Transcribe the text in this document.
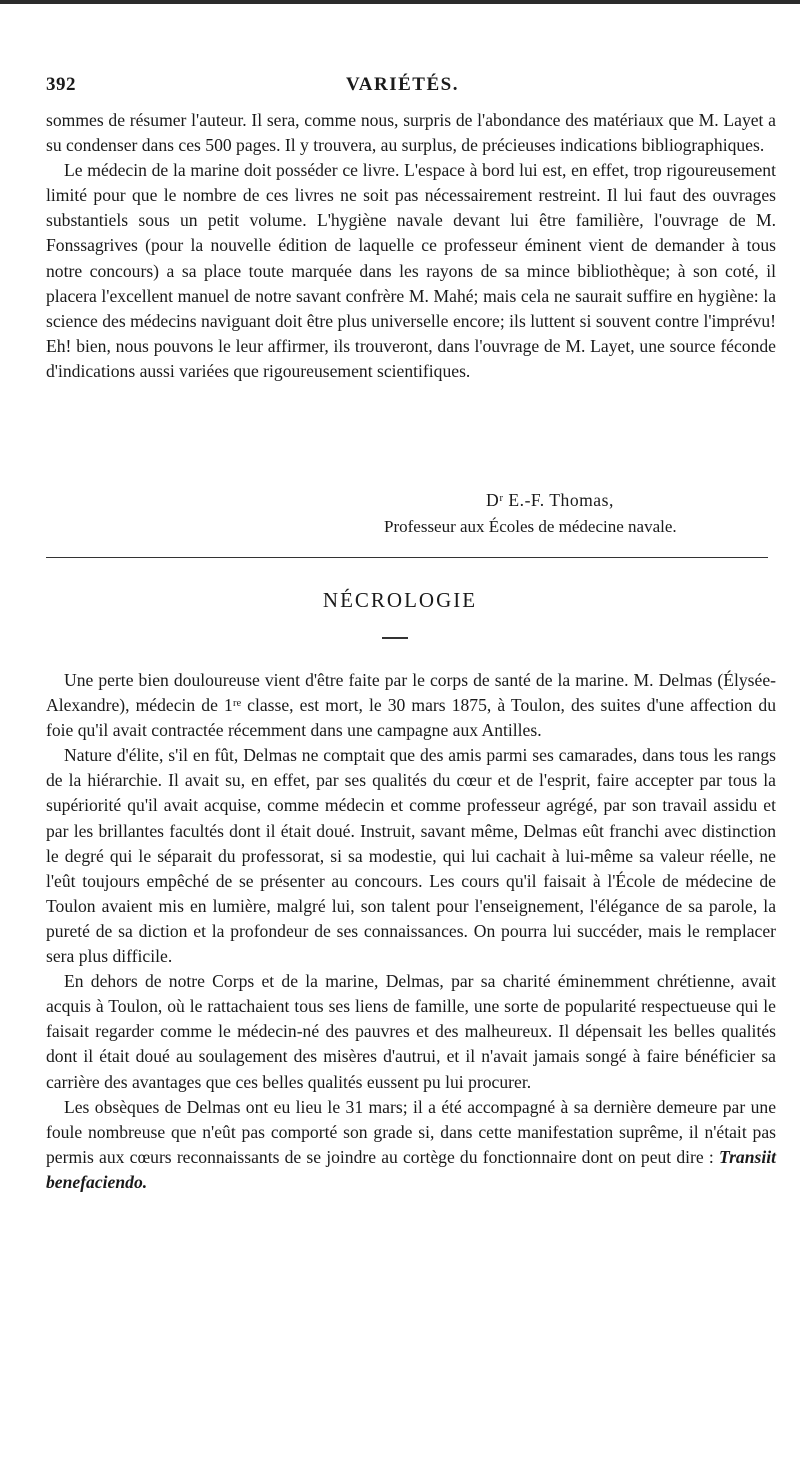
392	VARIÉTÉS.

sommes de résumer l'auteur. Il sera, comme nous, surpris de l'abondance des matériaux que M. Layet a su condenser dans ces 500 pages. Il y trouvera, au surplus, de précieuses indications bibliographiques.

Le médecin de la marine doit posséder ce livre. L'espace à bord lui est, en effet, trop rigoureusement limité pour que le nombre de ces livres ne soit pas nécessairement restreint. Il lui faut des ouvrages substantiels sous un petit volume. L'hygiène navale devant lui être familière, l'ouvrage de M. Fonssagrives (pour la nouvelle édition de laquelle ce professeur éminent vient de demander à tous notre concours) a sa place toute marquée dans les rayons de sa mince bibliothèque; à son coté, il placera l'excellent manuel de notre savant confrère M. Mahé; mais cela ne saurait suffire en hygiène: la science des médecins naviguant doit être plus universelle encore; ils luttent si souvent contre l'imprévu! Eh! bien, nous pouvons le leur affirmer, ils trouveront, dans l'ouvrage de M. Layet, une source féconde d'indications aussi variées que rigoureusement scientifiques.

Dʳ E.-F. Thomas,
Professeur aux Écoles de médecine navale.
NÉCROLOGIE

Une perte bien douloureuse vient d'être faite par le corps de santé de la marine. M. Delmas (Élysée-Alexandre), médecin de 1ʳᵉ classe, est mort, le 30 mars 1875, à Toulon, des suites d'une affection du foie qu'il avait contractée récemment dans une campagne aux Antilles.

Nature d'élite, s'il en fût, Delmas ne comptait que des amis parmi ses camarades, dans tous les rangs de la hiérarchie. Il avait su, en effet, par ses qualités du cœur et de l'esprit, faire accepter par tous la supériorité qu'il avait acquise, comme médecin et comme professeur agrégé, par son travail assidu et par les brillantes facultés dont il était doué. Instruit, savant même, Delmas eût franchi avec distinction le degré qui le séparait du professorat, si sa modestie, qui lui cachait à lui-même sa valeur réelle, ne l'eût toujours empêché de se présenter au concours. Les cours qu'il faisait à l'École de médecine de Toulon avaient mis en lumière, malgré lui, son talent pour l'enseignement, l'élégance de sa parole, la pureté de sa diction et la profondeur de ses connaissances. On pourra lui succéder, mais le remplacer sera plus difficile.

En dehors de notre Corps et de la marine, Delmas, par sa charité éminemment chrétienne, avait acquis à Toulon, où le rattachaient tous ses liens de famille, une sorte de popularité respectueuse qui le faisait regarder comme le médecin-né des pauvres et des malheureux. Il dépensait les belles qualités dont il était doué au soulagement des misères d'autrui, et il n'avait jamais songé à faire bénéficier sa carrière des avantages que ces belles qualités eussent pu lui procurer.

Les obsèques de Delmas ont eu lieu le 31 mars; il a été accompagné à sa dernière demeure par une foule nombreuse que n'eût pas comporté son grade si, dans cette manifestation suprême, il n'était pas permis aux cœurs reconnaissants de se joindre au cortège du fonctionnaire dont on peut dire : Transiit benefaciendo.
